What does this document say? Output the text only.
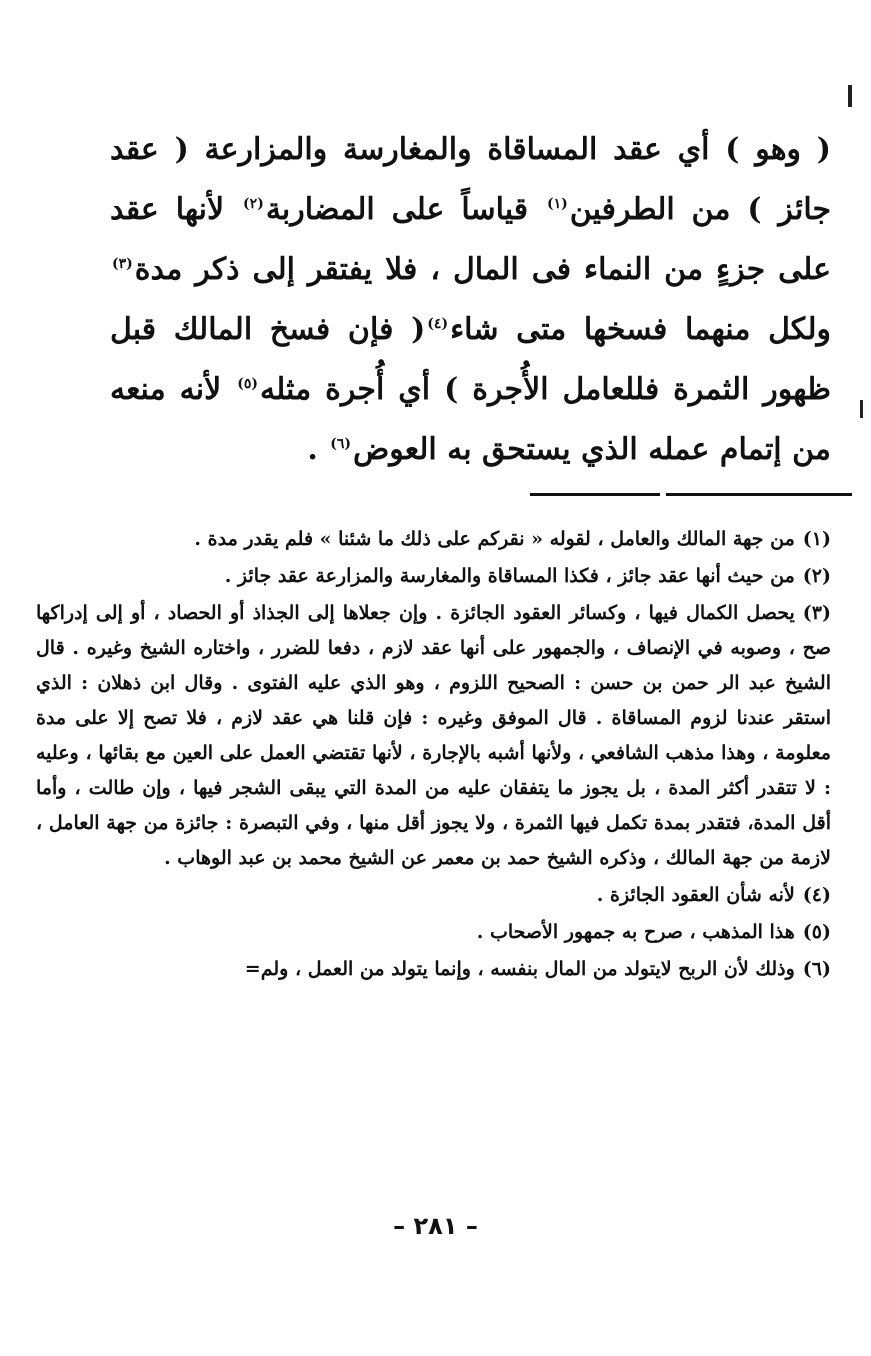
( وهو ) أي عقد المساقاة والمغارسة والمزارعة ( عقد جائز ) من الطرفين$^{(١)}$ قياساً على المضاربة$^{(٢)}$ لأنها عقد على جزءٍ من النماء فى المال ، فلا يفتقر إلى ذكر مدة$^{(٣)}$ ولكل منهما فسخها متى شاء$^{(٤)}$( فإن فسخ المالك قبل ظهور الثمرة فللعامل الأُجرة ) أي أُجرة مثله$^{(٥)}$ لأنه منعه من إتمام عمله الذي يستحق به العوض$^{(٦)}$ .

(١)من جهة المالك والعامل ، لقوله « نقركم على ذلك ما شئنا » فلم يقدر مدة .

(٢)من حيث أنها عقد جائز ، فكذا المساقاة والمغارسة والمزارعة عقد جائز .

(٣)يحصل الكمال فيها ، وكسائر العقود الجائزة . وإن جعلاها إلى الجذاذ أو الحصاد ، أو إلى إدراكها صح ، وصوبه في الإنصاف ، والجمهور على أنها عقد لازم ، دفعا للضرر ، واختاره الشيخ وغيره . قال الشيخ عبد الر حمن بن حسن : الصحيح اللزوم ، وهو الذي عليه الفتوى . وقال ابن ذهلان : الذي استقر عندنا لزوم المساقاة . قال الموفق وغيره : فإن قلنا هي عقد لازم ، فلا تصح إلا على مدة معلومة ، وهذا مذهب الشافعي ، ولأنها أشبه بالإجارة ، لأنها تقتضي العمل على العين مع بقائها ، وعليه : لا تتقدر أكثر المدة ، بل يجوز ما يتفقان عليه من المدة التي يبقى الشجر فيها ، وإن طالت ، وأما أقل المدة، فتقدر بمدة تكمل فيها الثمرة ، ولا يجوز أقل منها ، وفي التبصرة : جائزة من جهة العامل ، لازمة من جهة المالك ، وذكره الشيخ حمد بن معمر عن الشيخ محمد بن عبد الوهاب .

(٤)لأنه شأن العقود الجائزة .

(٥)هذا المذهب ، صرح به جمهور الأصحاب .

(٦)وذلك لأن الربح لايتولد من المال بنفسه ، وإنما يتولد من العمل ، ولم=

– ٢٨١ –
